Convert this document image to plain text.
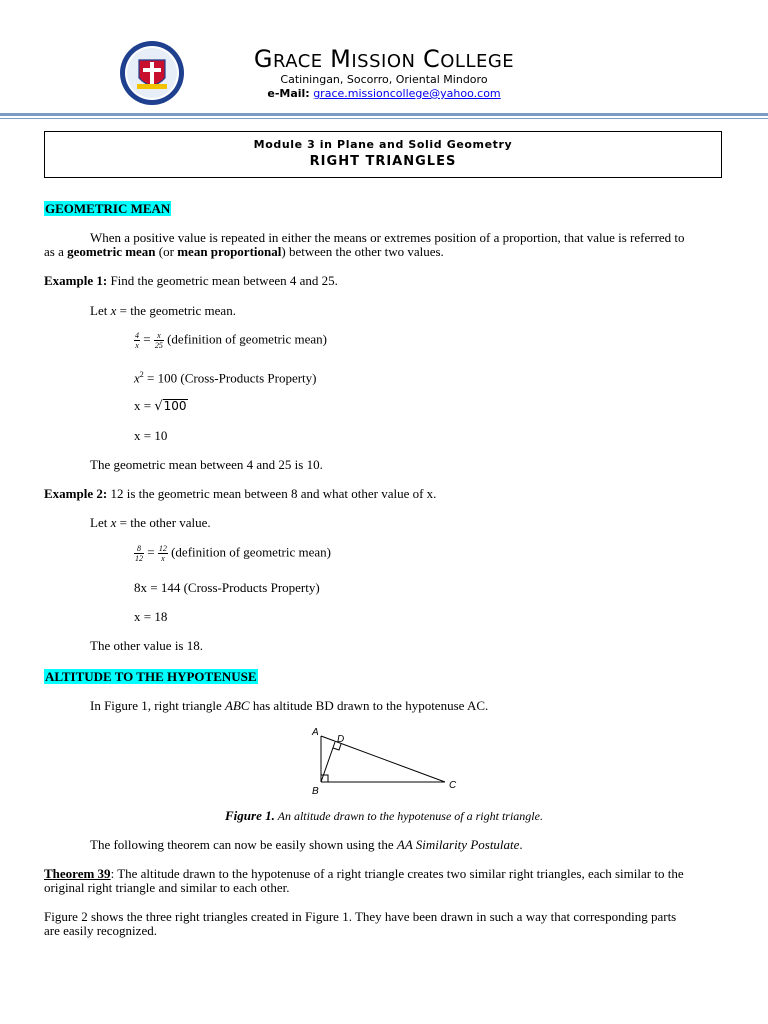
GRACE MISSION COLLEGE
Catiningan, Socorro, Oriental Mindoro
e-Mail: grace.missioncollege@yahoo.com
Module 3 in Plane and Solid Geometry
RIGHT TRIANGLES
GEOMETRIC MEAN
When a positive value is repeated in either the means or extremes position of a proportion, that value is referred to
as a geometric mean (or mean proportional) between the other two values.
Example 1: Find the geometric mean between 4 and 25.
Let x = the geometric mean.
$\frac{4}{x} = \frac{x}{25}$ (definition of geometric mean)
$x^2 = 100$ (Cross-Products Property)
x = √100
x = 10
The geometric mean between 4 and 25 is 10.
Example 2: 12 is the geometric mean between 8 and what other value of x.
Let x = the other value.
$\frac{8}{12} = \frac{12}{x}$ (definition of geometric mean)
8x = 144 (Cross-Products Property)
x = 18
The other value is 18.
ALTITUDE TO THE HYPOTENUSE
In Figure 1, right triangle ABC has altitude BD drawn to the hypotenuse AC.
A
D
B
C
Figure 1. An altitude drawn to the hypotenuse of a right triangle.
The following theorem can now be easily shown using the AA Similarity Postulate.
Theorem 39: The altitude drawn to the hypotenuse of a right triangle creates two similar right triangles, each similar to the
original right triangle and similar to each other.
Figure 2 shows the three right triangles created in Figure 1. They have been drawn in such a way that corresponding parts
are easily recognized.
